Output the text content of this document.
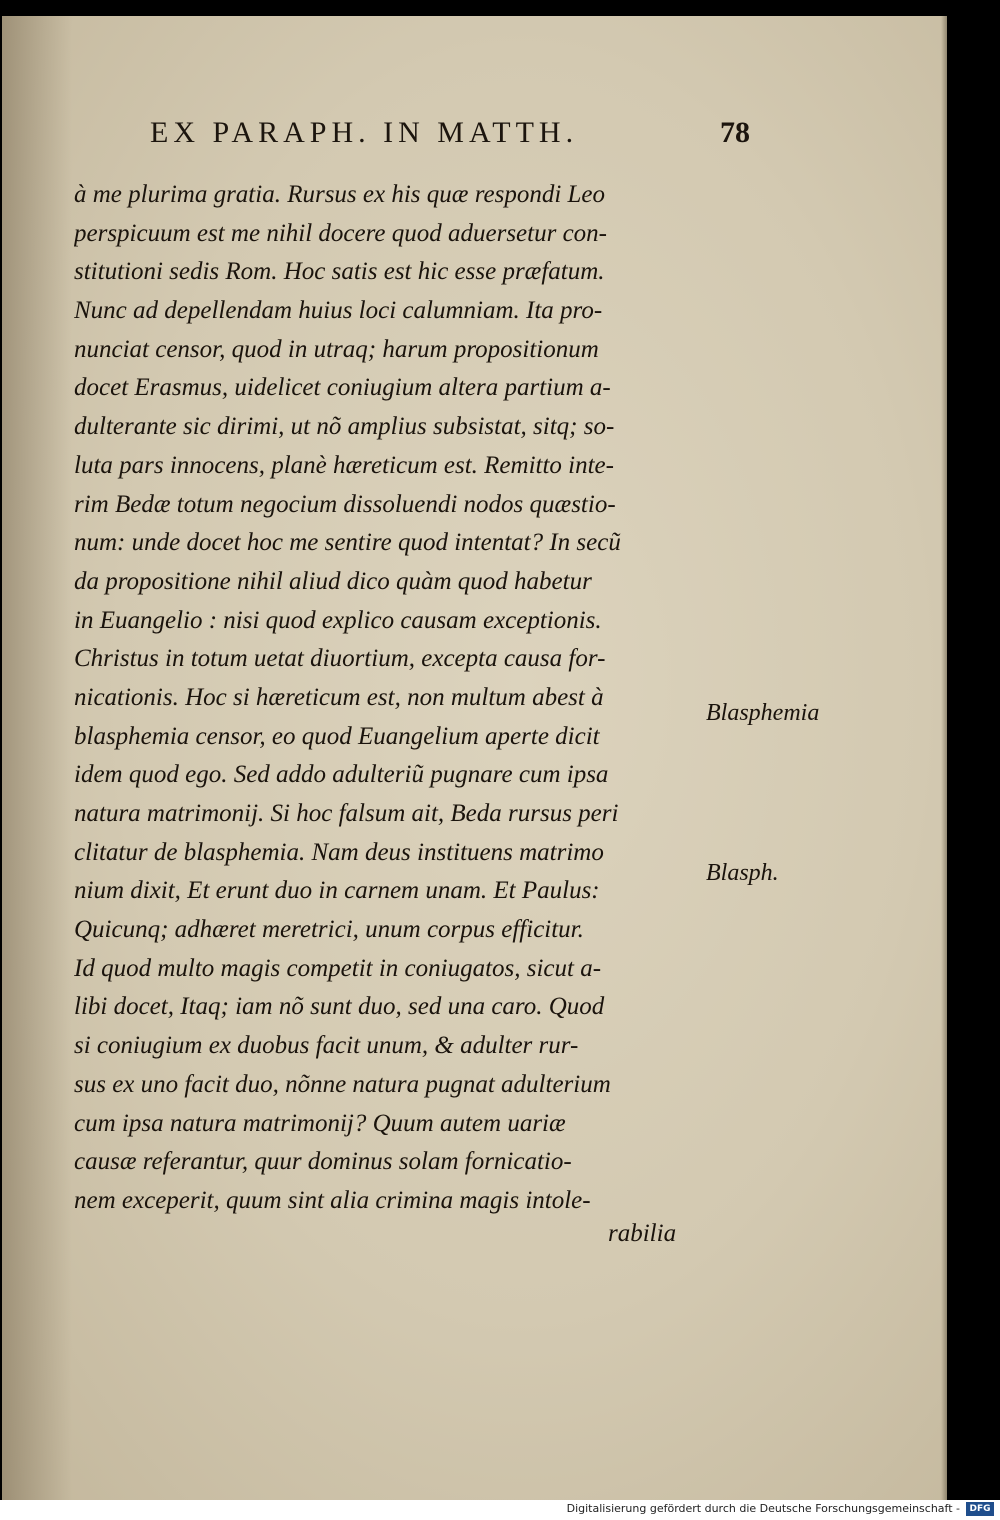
EX PARAPH. IN MATTH.	78
à me plurima gratia. Rursus ex his quæ respondi Leo
perspicuum est me nihil docere quod aduersetur con-
stitutioni sedis Rom. Hoc satis est hic esse præfatum.
Nunc ad depellendam huius loci calumniam. Ita pro-
nunciat censor, quod in utraq; harum propositionum
docet Erasmus, uidelicet coniugium altera partium a-
dulterante sic dirimi, ut nõ amplius subsistat, sitq; so-
luta pars innocens, planè hæreticum est. Remitto inte-
rim Bedæ totum negocium dissoluendi nodos quæstio-
num: unde docet hoc me sentire quod intentat? In secũ
da propositione nihil aliud dico quàm quod habetur
in Euangelio : nisi quod explico causam exceptionis.
Christus in totum uetat diuortium, excepta causa for-
nicationis. Hoc si hæreticum est, non multum abest à
blasphemia censor, eo quod Euangelium aperte dicit
idem quod ego. Sed addo adulteriũ pugnare cum ipsa
natura matrimonij. Si hoc falsum ait, Beda rursus peri
clitatur de blasphemia. Nam deus instituens matrimo
nium dixit, Et erunt duo in carnem unam. Et Paulus:
Quicunq; adhæret meretrici, unum corpus efficitur.
Id quod multo magis competit in coniugatos, sicut a-
libi docet, Itaq; iam nõ sunt duo, sed una caro. Quod
si coniugium ex duobus facit unum, & adulter rur-
sus ex uno facit duo, nõnne natura pugnat adulterium
cum ipsa natura matrimonij? Quum autem uariæ
causæ referantur, quur dominus solam fornicatio-
nem exceperit, quum sint alia crimina magis intole-
rabilia
Blasphemia
Blasph.
Digitalisierung gefördert durch die Deutsche Forschungsgemeinschaft -	DFG
